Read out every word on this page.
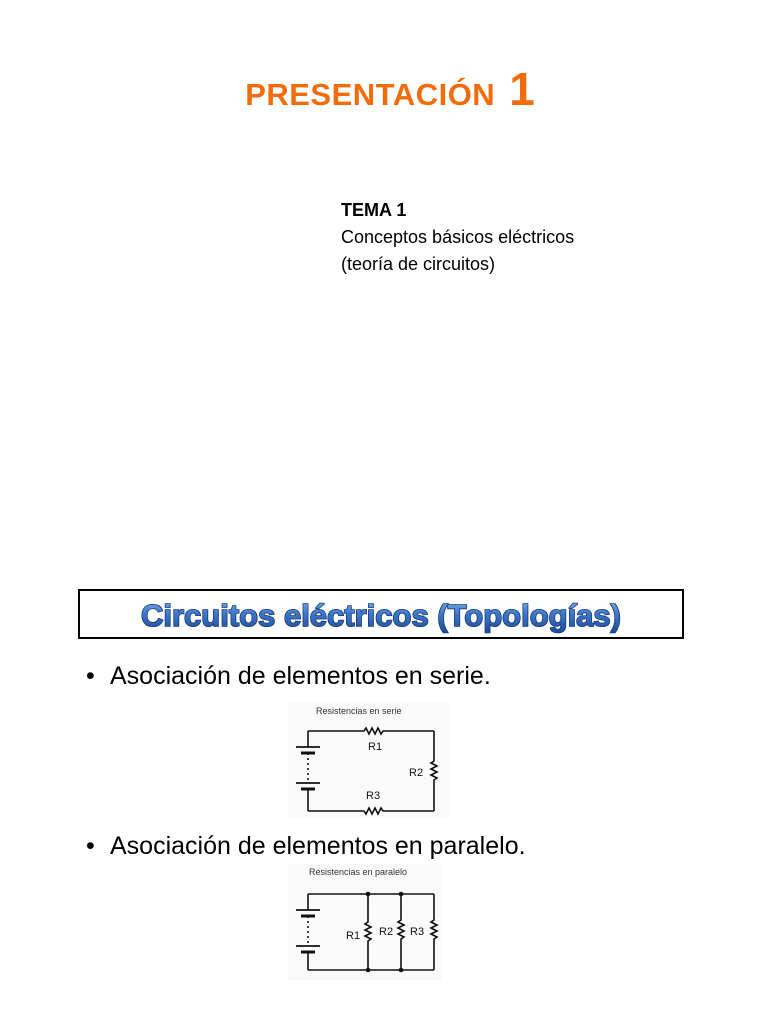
PRESENTACIÓN 1
TEMA 1
Conceptos básicos eléctricos
(teoría de circuitos)
Circuitos eléctricos (Topologías)
• Asociación de elementos en serie.
Resistencias en serie
R1
R2
R3
• Asociación de elementos en paralelo.
Resistencias en paralelo
R1 R2 R3
